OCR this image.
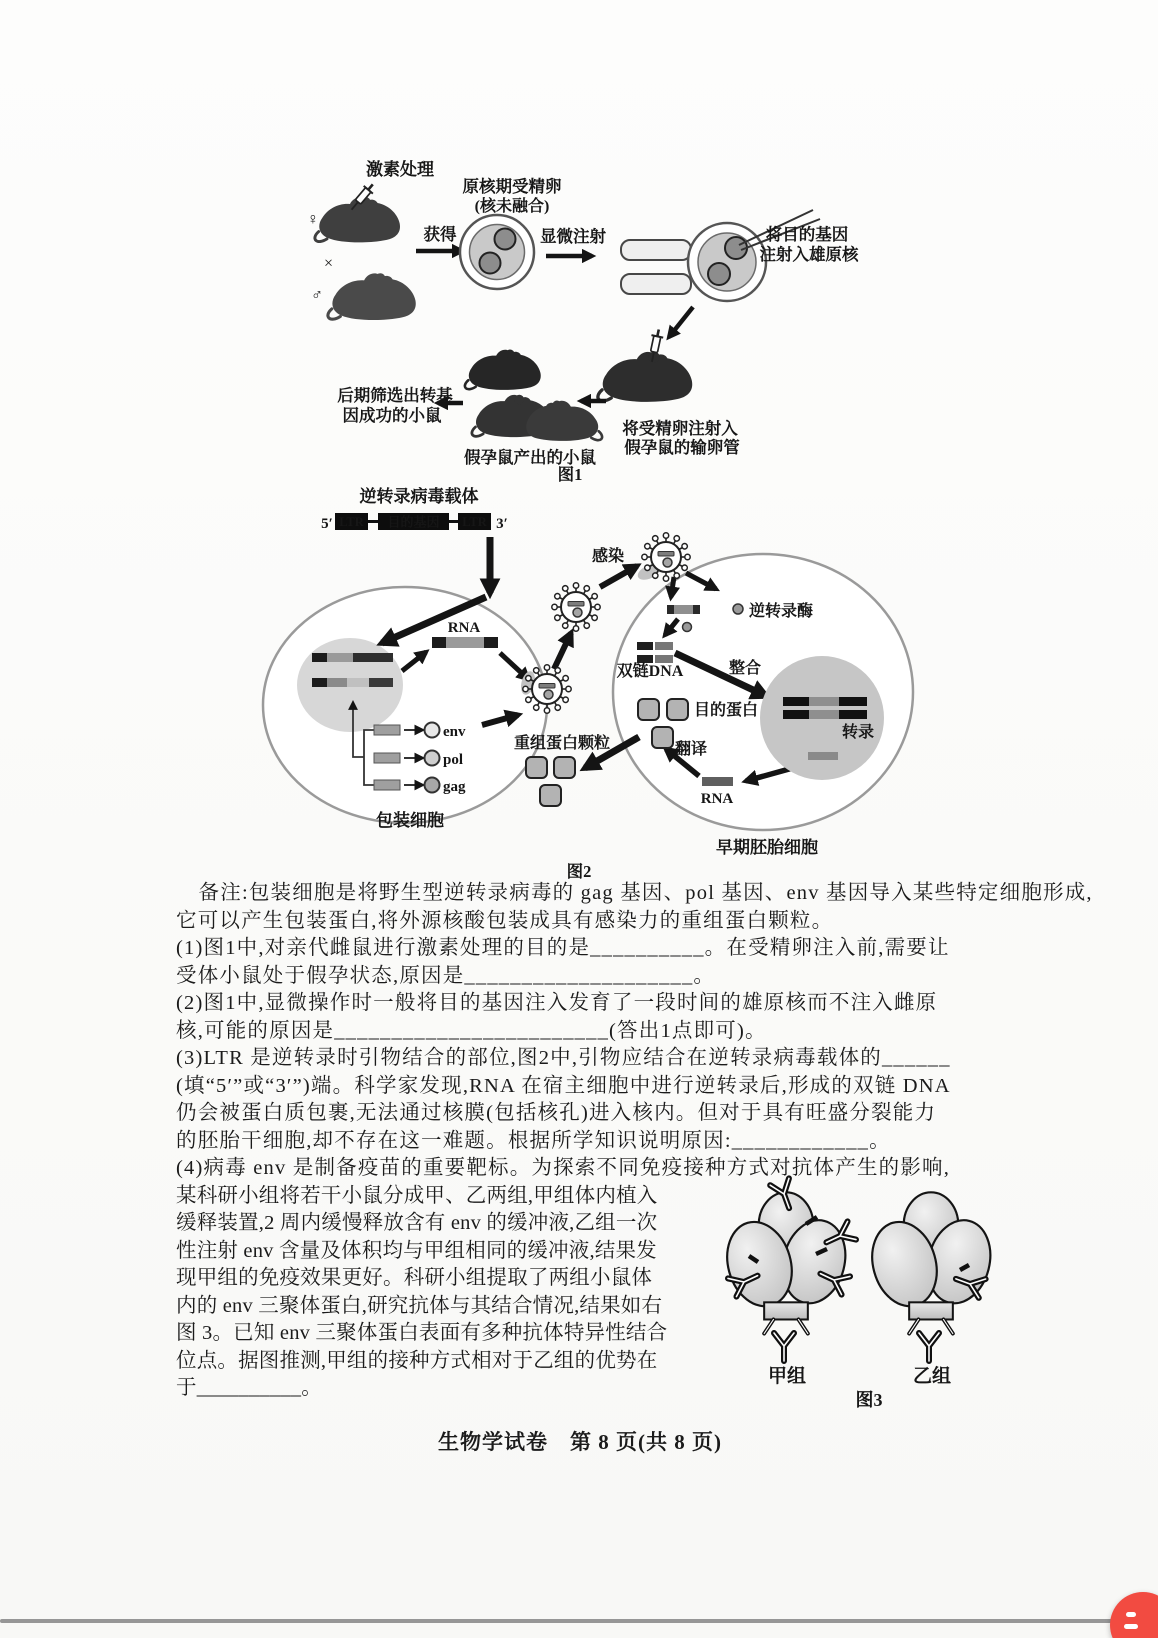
激素处理
♀
×
♂
获得
原核期受精卵
(核未融合)
显微注射	将目的基因
注射入雄原核
将受精卵注射入
假孕鼠的输卵管
假孕鼠产出的小鼠
后期筛选出转基
因成功的小鼠
图1
逆转录病毒载体
5′ LTR 目的基因 LTR 3′
RNA
env
pol
gag
包装细胞
重组蛋白颗粒
感染
逆转录酶
双链DNA	整合
转录
RNA
翻译
目的蛋白
早期胚胎细胞
图2
备注:包装细胞是将野生型逆转录病毒的 gag 基因、pol 基因、env 基因导入某些特定细胞形成,
它可以产生包装蛋白,将外源核酸包装成具有感染力的重组蛋白颗粒。
(1)图1中,对亲代雌鼠进行激素处理的目的是__________。在受精卵注入前,需要让
受体小鼠处于假孕状态,原因是____________________。
(2)图1中,显微操作时一般将目的基因注入发育了一段时间的雄原核而不注入雌原
核,可能的原因是________________________(答出1点即可)。
(3)LTR 是逆转录时引物结合的部位,图2中,引物应结合在逆转录病毒载体的______
(填“5′”或“3′”)端。科学家发现,RNA 在宿主细胞中进行逆转录后,形成的双链 DNA
仍会被蛋白质包裹,无法通过核膜(包括核孔)进入核内。但对于具有旺盛分裂能力
的胚胎干细胞,却不存在这一难题。根据所学知识说明原因:____________。
(4)病毒 env 是制备疫苗的重要靶标。为探索不同免疫接种方式对抗体产生的影响,
某科研小组将若干小鼠分成甲、乙两组,甲组体内植入
缓释装置,2 周内缓慢释放含有 env 的缓冲液,乙组一次
性注射 env 含量及体积均与甲组相同的缓冲液,结果发
现甲组的免疫效果更好。科研小组提取了两组小鼠体
内的 env 三聚体蛋白,研究抗体与其结合情况,结果如右
图 3。已知 env 三聚体蛋白表面有多种抗体特异性结合
位点。据图推测,甲组的接种方式相对于乙组的优势在
于__________。
甲组	乙组
图3
生物学试卷　第 8 页(共 8 页)
